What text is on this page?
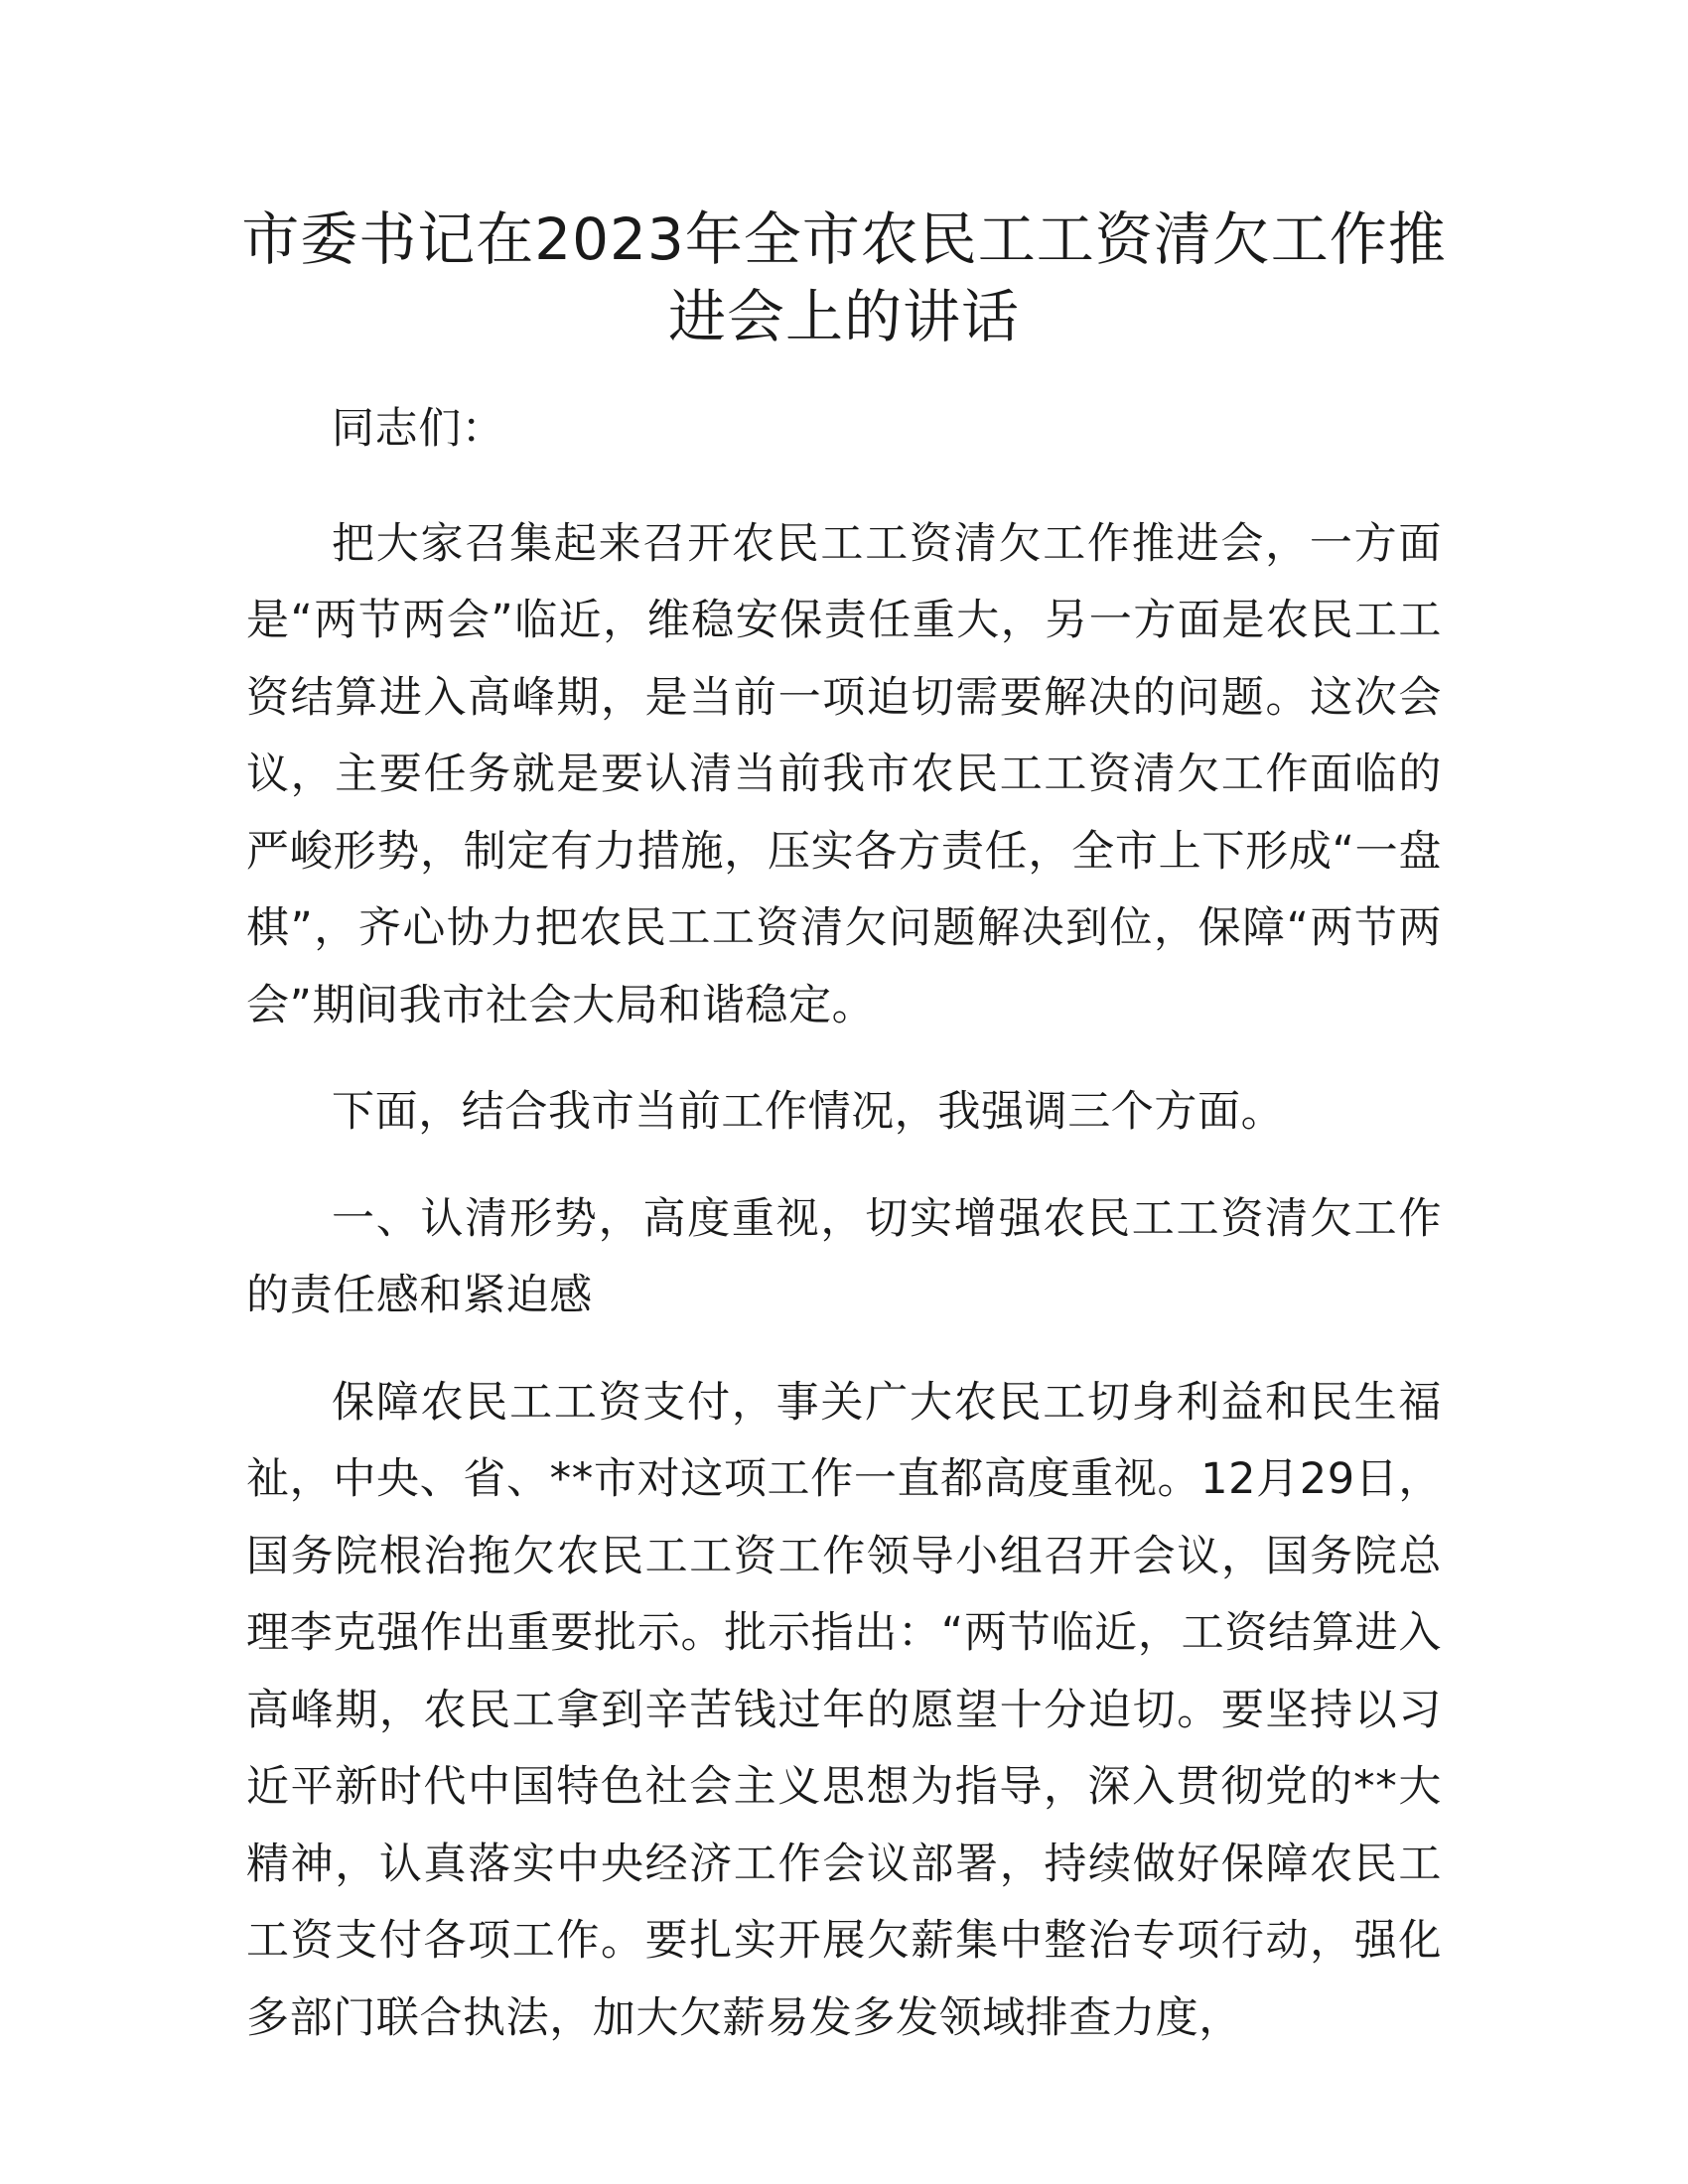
市委书记在2023年全市农民工工资清欠工作推
进会上的讲话

同志们：

把大家召集起来召开农民工工资清欠工作推进会，一方面是“两节两会”临近，维稳安保责任重大，另一方面是农民工工资结算进入高峰期，是当前一项迫切需要解决的问题。这次会议，主要任务就是要认清当前我市农民工工资清欠工作面临的严峻形势，制定有力措施，压实各方责任，全市上下形成“一盘棋”，齐心协力把农民工工资清欠问题解决到位，保障“两节两会”期间我市社会大局和谐稳定。

下面，结合我市当前工作情况，我强调三个方面。

一、认清形势，高度重视，切实增强农民工工资清欠工作的责任感和紧迫感

保障农民工工资支付，事关广大农民工切身利益和民生福祉，中央、省、**市对这项工作一直都高度重视。12月29日，国务院根治拖欠农民工工资工作领导小组召开会议，国务院总理李克强作出重要批示。批示指出：“两节临近，工资结算进入高峰期，农民工拿到辛苦钱过年的愿望十分迫切。要坚持以习近平新时代中国特色社会主义思想为指导，深入贯彻党的**大精神，认真落实中央经济工作会议部署，持续做好保障农民工工资支付各项工作。要扎实开展欠薪集中整治专项行动，强化多部门联合执法，加大欠薪易发多发领域排查力度，
